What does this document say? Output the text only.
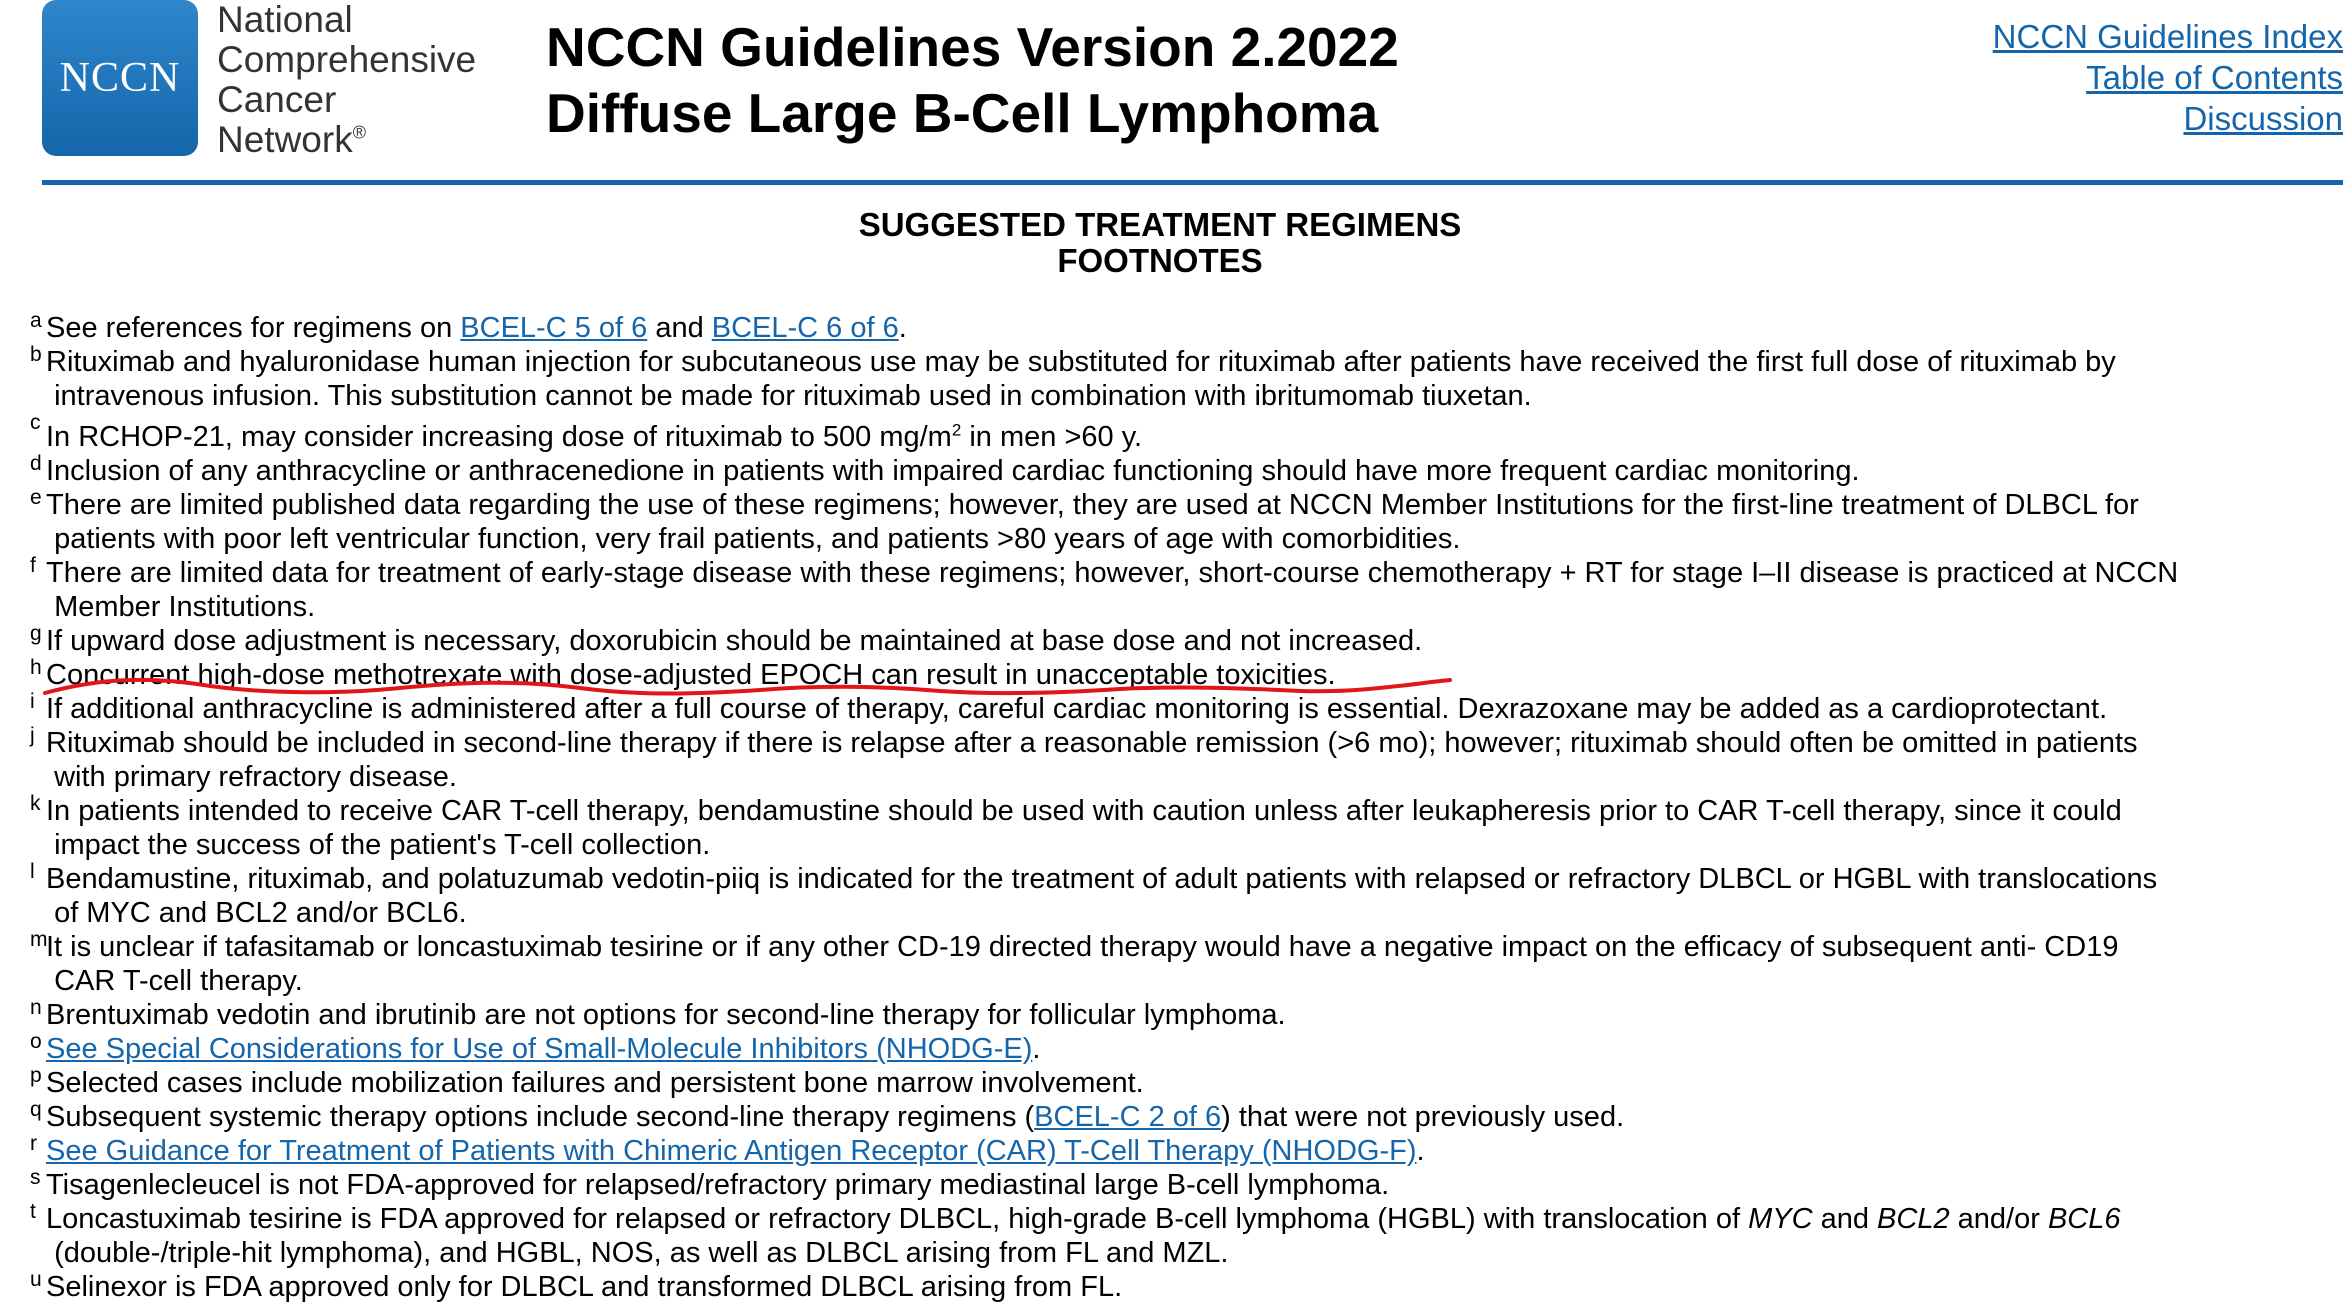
NCCN
National
Comprehensive
Cancer
Network®
NCCN Guidelines Version 2.2022
Diffuse Large B-Cell Lymphoma
NCCN Guidelines Index
Table of Contents
Discussion
SUGGESTED TREATMENT REGIMENS
FOOTNOTES
a See references for regimens on BCEL-C 5 of 6 and BCEL-C 6 of 6.
b Rituximab and hyaluronidase human injection for subcutaneous use may be substituted for rituximab after patients have received the first full dose of rituximab by
intravenous infusion. This substitution cannot be made for rituximab used in combination with ibritumomab tiuxetan.
c In RCHOP-21, may consider increasing dose of rituximab to 500 $mg/m^2$ in men >60 y.
d Inclusion of any anthracycline or anthracenedione in patients with impaired cardiac functioning should have more frequent cardiac monitoring.
e There are limited published data regarding the use of these regimens; however, they are used at NCCN Member Institutions for the first-line treatment of DLBCL for
patients with poor left ventricular function, very frail patients, and patients >80 years of age with comorbidities.
f There are limited data for treatment of early-stage disease with these regimens; however, short-course chemotherapy + RT for stage I–II disease is practiced at NCCN
Member Institutions.
g If upward dose adjustment is necessary, doxorubicin should be maintained at base dose and not increased.
h Concurrent high-dose methotrexate with dose-adjusted EPOCH can result in unacceptable toxicities.
i If additional anthracycline is administered after a full course of therapy, careful cardiac monitoring is essential. Dexrazoxane may be added as a cardioprotectant.
j Rituximab should be included in second-line therapy if there is relapse after a reasonable remission (>6 mo); however; rituximab should often be omitted in patients
with primary refractory disease.
k In patients intended to receive CAR T-cell therapy, bendamustine should be used with caution unless after leukapheresis prior to CAR T-cell therapy, since it could
impact the success of the patient's T-cell collection.
l Bendamustine, rituximab, and polatuzumab vedotin-piiq is indicated for the treatment of adult patients with relapsed or refractory DLBCL or HGBL with translocations
of MYC and BCL2 and/or BCL6.
m
It is unclear if tafasitamab or loncastuximab tesirine or if any other CD-19 directed therapy would have a negative impact on the efficacy of subsequent anti- CD19
CAR T-cell therapy.
n Brentuximab vedotin and ibrutinib are not options for second-line therapy for follicular lymphoma.
o See Special Considerations for Use of Small-Molecule Inhibitors (NHODG-E).
p Selected cases include mobilization failures and persistent bone marrow involvement.
q Subsequent systemic therapy options include second-line therapy regimens (BCEL-C 2 of 6) that were not previously used.
r See Guidance for Treatment of Patients with Chimeric Antigen Receptor (CAR) T-Cell Therapy (NHODG-F).
s Tisagenlecleucel is not FDA-approved for relapsed/refractory primary mediastinal large B-cell lymphoma.
t Loncastuximab tesirine is FDA approved for relapsed or refractory DLBCL, high-grade B-cell lymphoma (HGBL) with translocation of MYC and BCL2 and/or BCL6
(double-/triple-hit lymphoma), and HGBL, NOS, as well as DLBCL arising from FL and MZL.
u Selinexor is FDA approved only for DLBCL and transformed DLBCL arising from FL.
